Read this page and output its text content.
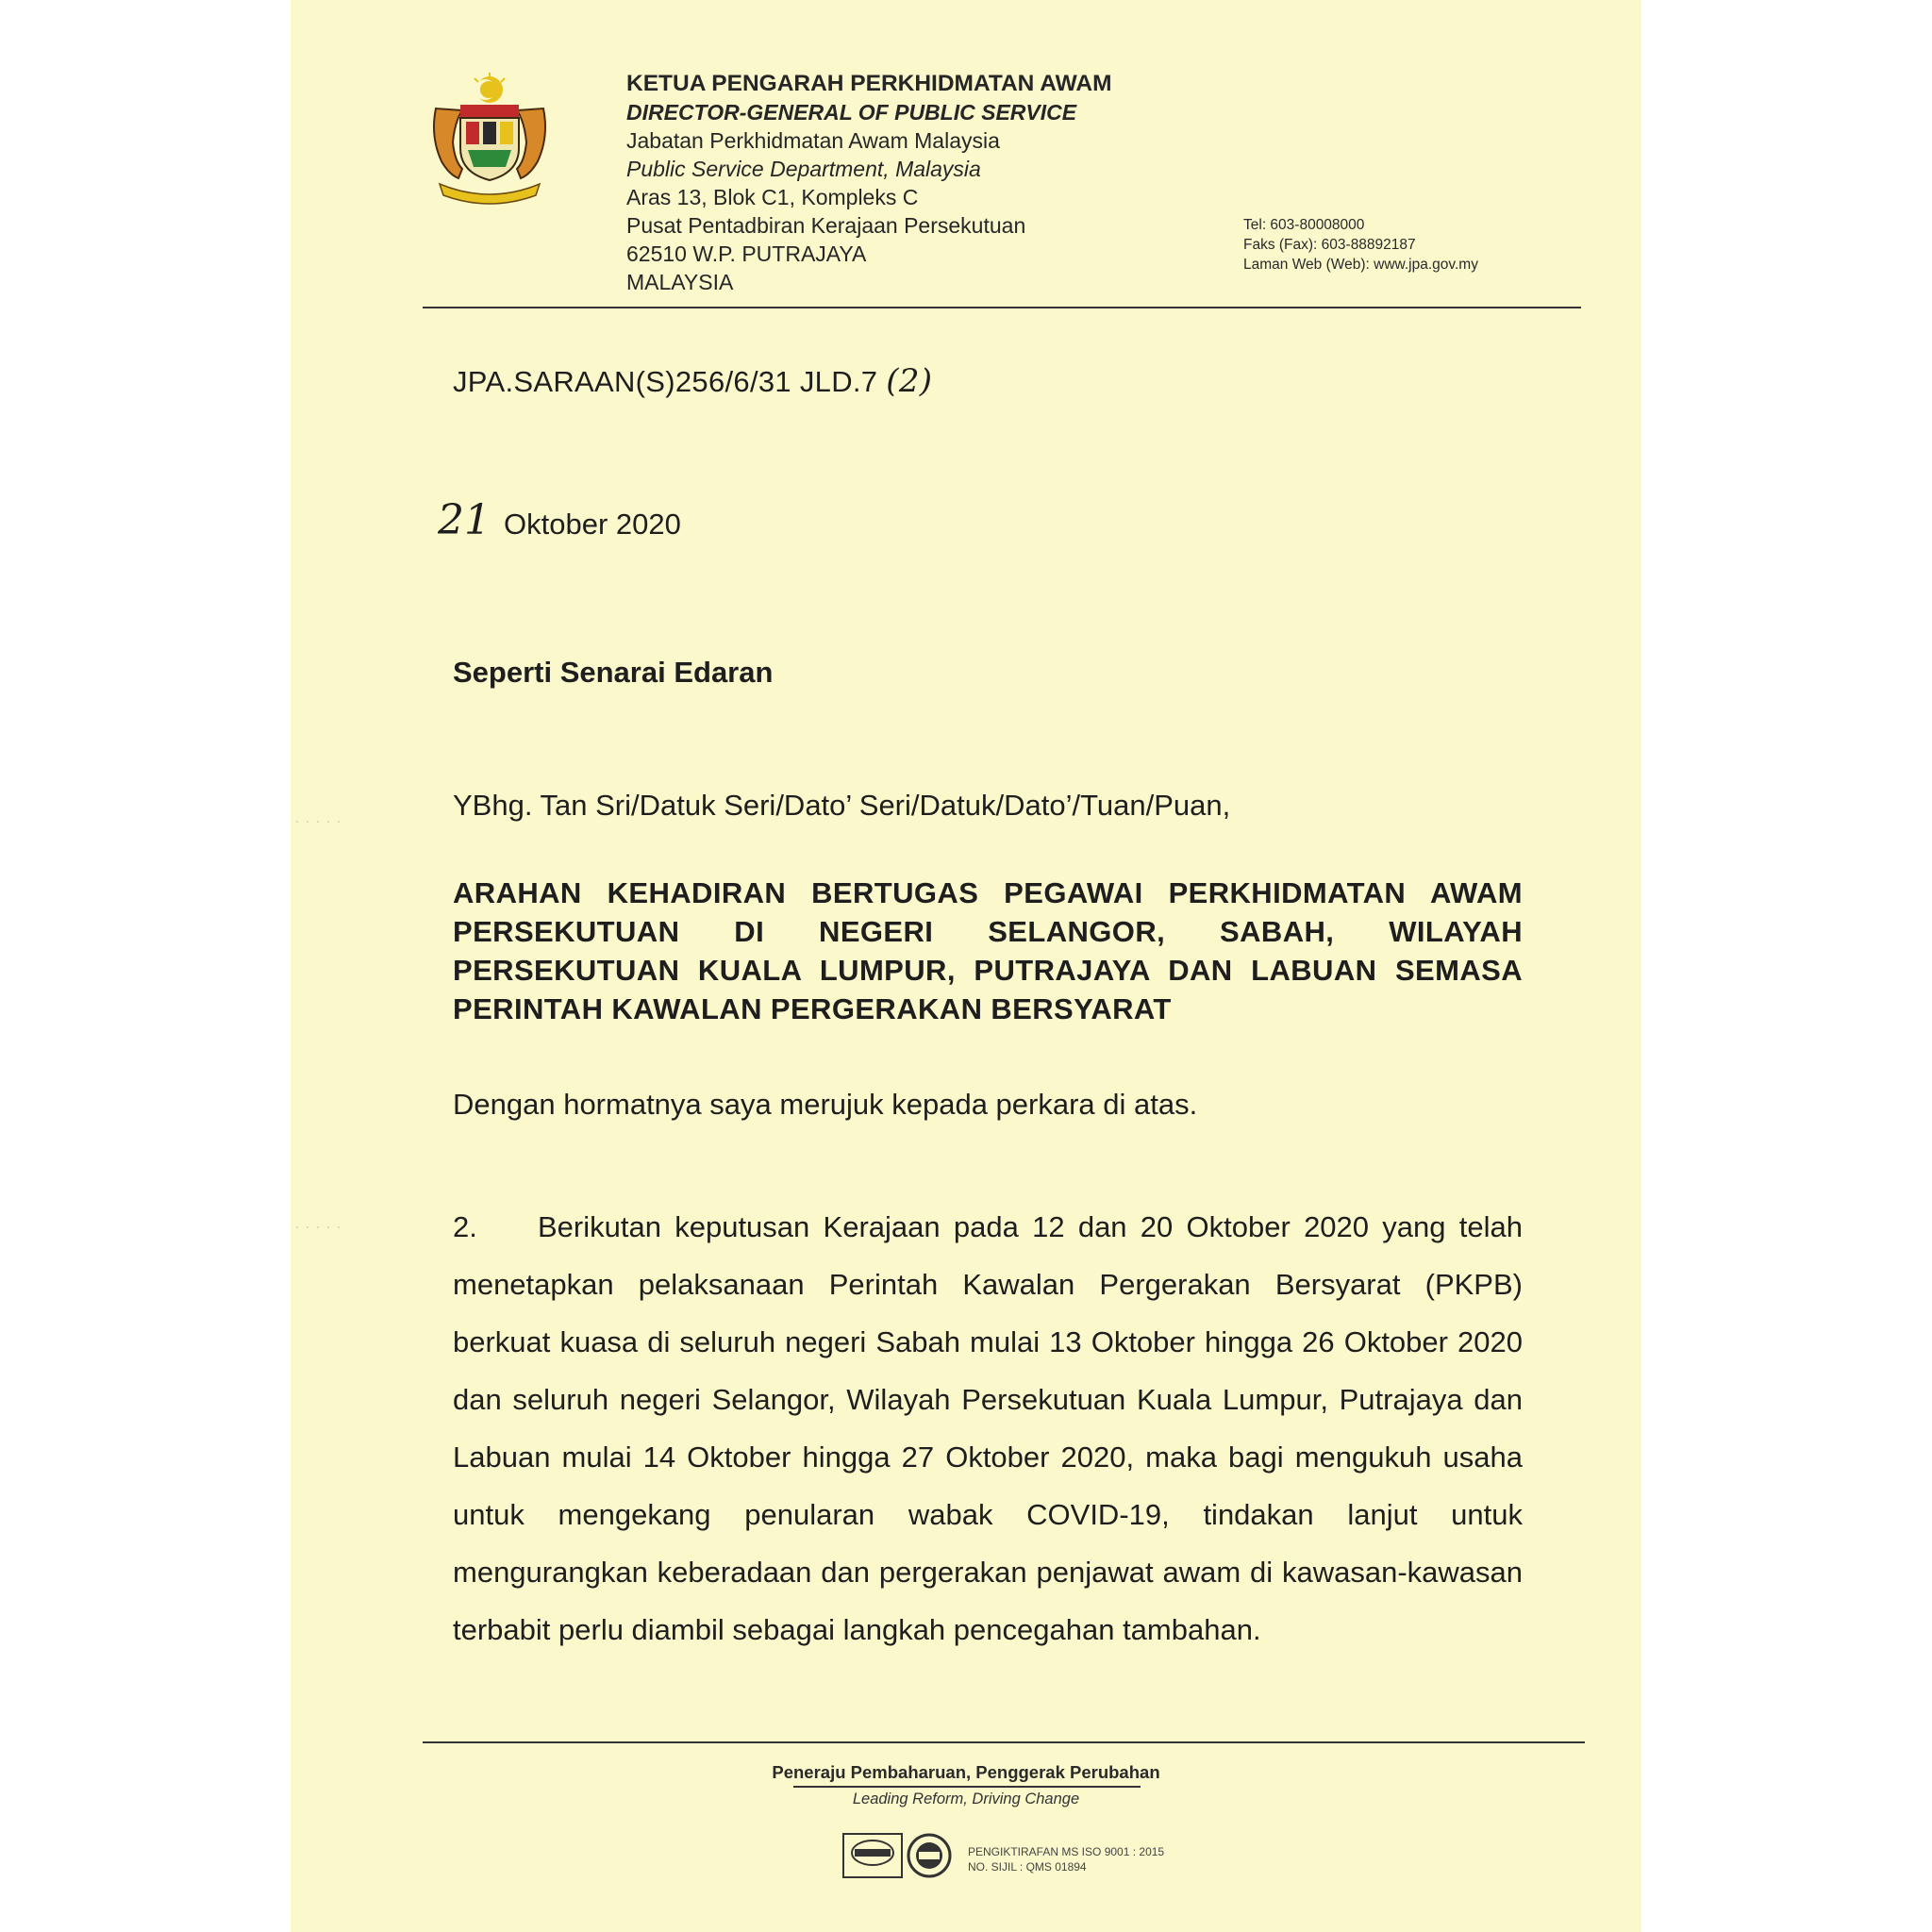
· · · · ·
· · · · ·
KETUA PENGARAH PERKHIDMATAN AWAM
DIRECTOR-GENERAL OF PUBLIC SERVICE
Jabatan Perkhidmatan Awam Malaysia
Public Service Department, Malaysia
Aras 13, Blok C1, Kompleks C
Pusat Pentadbiran Kerajaan Persekutuan
62510 W.P. PUTRAJAYA
MALAYSIA
Tel: 603-80008000
Faks (Fax): 603-88892187
Laman Web (Web): www.jpa.gov.my
JPA.SARAAN(S)256/6/31 JLD.7 (2)
21 Oktober 2020
Seperti Senarai Edaran
YBhg. Tan Sri/Datuk Seri/Dato’ Seri/Datuk/Dato’/Tuan/Puan,
ARAHAN KEHADIRAN BERTUGAS PEGAWAI PERKHIDMATAN AWAM PERSEKUTUAN DI NEGERI SELANGOR, SABAH, WILAYAH PERSEKUTUAN KUALA LUMPUR, PUTRAJAYA DAN LABUAN SEMASA PERINTAH KAWALAN PERGERAKAN BERSYARAT
Dengan hormatnya saya merujuk kepada perkara di atas.
2. Berikutan keputusan Kerajaan pada 12 dan 20 Oktober 2020 yang telah menetapkan pelaksanaan Perintah Kawalan Pergerakan Bersyarat (PKPB) berkuat kuasa di seluruh negeri Sabah mulai 13 Oktober hingga 26 Oktober 2020 dan seluruh negeri Selangor, Wilayah Persekutuan Kuala Lumpur, Putrajaya dan Labuan mulai 14 Oktober hingga 27 Oktober 2020, maka bagi mengukuh usaha untuk mengekang penularan wabak COVID-19, tindakan lanjut untuk mengurangkan keberadaan dan pergerakan penjawat awam di kawasan-kawasan terbabit perlu diambil sebagai langkah pencegahan tambahan.
Peneraju Pembaharuan, Penggerak Perubahan
Leading Reform, Driving Change
PENGIKTIRAFAN MS ISO 9001 : 2015
NO. SIJIL : QMS 01894
